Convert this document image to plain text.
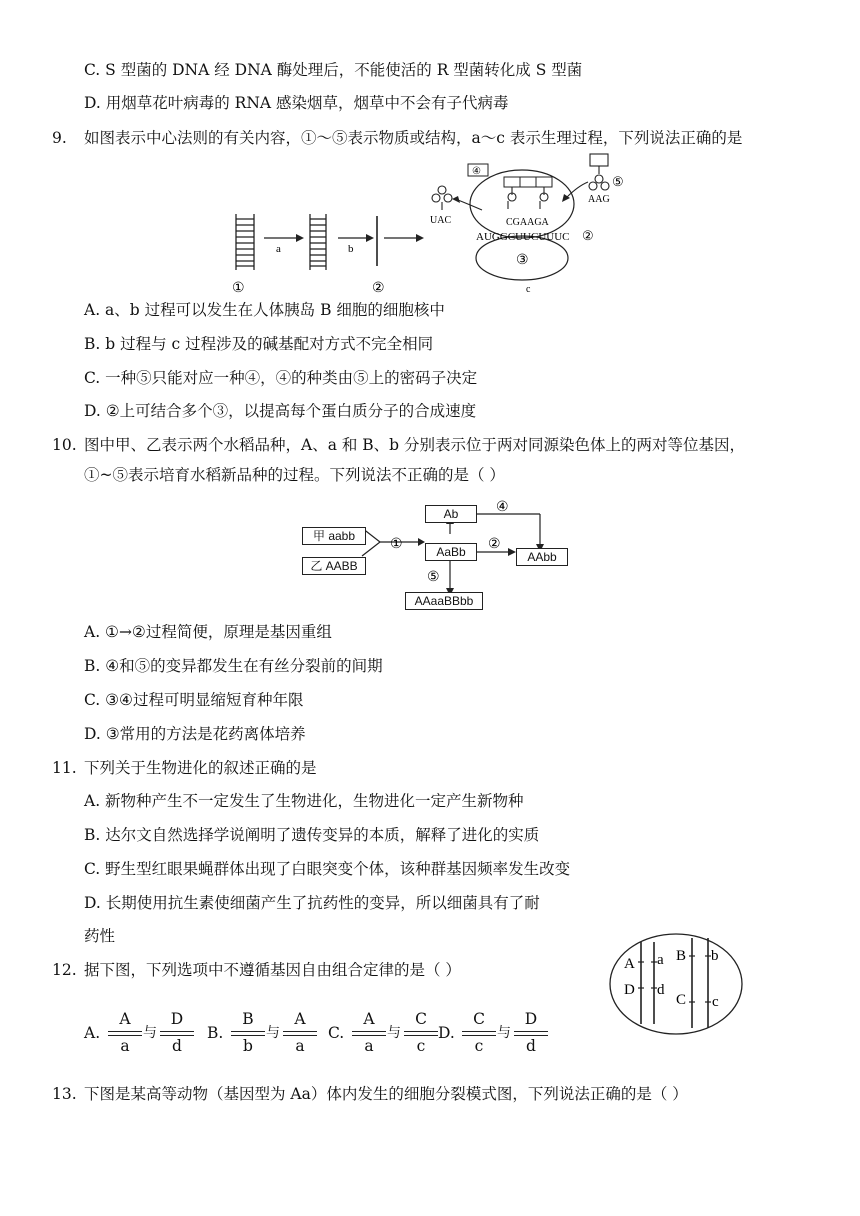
C. S 型菌的 DNA 经 DNA 酶处理后，不能使活的 R 型菌转化成 S 型菌
D. 用烟草花叶病毒的 RNA 感染烟草，烟草中不会有子代病毒
9. 如图表示中心法则的有关内容，①～⑤表示物质或结构，a～c 表示生理过程，下列说法正确的是
a	b
①	②
③
c
④
UAC
⑤
AAG
CGAAGA
AUGGCUUCUUUC ②
A. a、b 过程可以发生在人体胰岛 B 细胞的细胞核中
B. b 过程与 c 过程涉及的碱基配对方式不完全相同
C. 一种⑤只能对应一种④，④的种类由⑤上的密码子决定
D. ②上可结合多个③，以提高每个蛋白质分子的合成速度
10. 图中甲、乙表示两个水稻品种，A、a 和 B、b 分别表示位于两对同源染色体上的两对等位基因，
①~⑤表示培育水稻新品种的过程。下列说法不正确的是（ ）
①	②
④
⑤
甲 aabb
乙 AABB
Ab
AaBb	AAbb
AAaaBBbb
A. ①→②过程简便，原理是基因重组
B. ④和⑤的变异都发生在有丝分裂前的间期
C. ③④过程可明显缩短育种年限
D. ③常用的方法是花药离体培养
11. 下列关于生物进化的叙述正确的是
A. 新物种产生不一定发生了生物进化，生物进化一定产生新物种
B. 达尔文自然选择学说阐明了遗传变异的本质，解释了进化的实质
C. 野生型红眼果蝇群体出现了白眼突变个体，该种群基因频率发生改变
D. 长期使用抗生素使细菌产生了抗药性的变异，所以细菌具有了耐
药性
12. 据下图，下列选项中不遵循基因自由组合定律的是（ ）	A a B b
D d
C c
A.
A
a
与
D
d
B.
B
b
与
A
a
C.
A
a
与
C
c
D.
C
c
与
D
d
13. 下图是某高等动物（基因型为 Aa）体内发生的细胞分裂模式图，下列说法正确的是（ ）
